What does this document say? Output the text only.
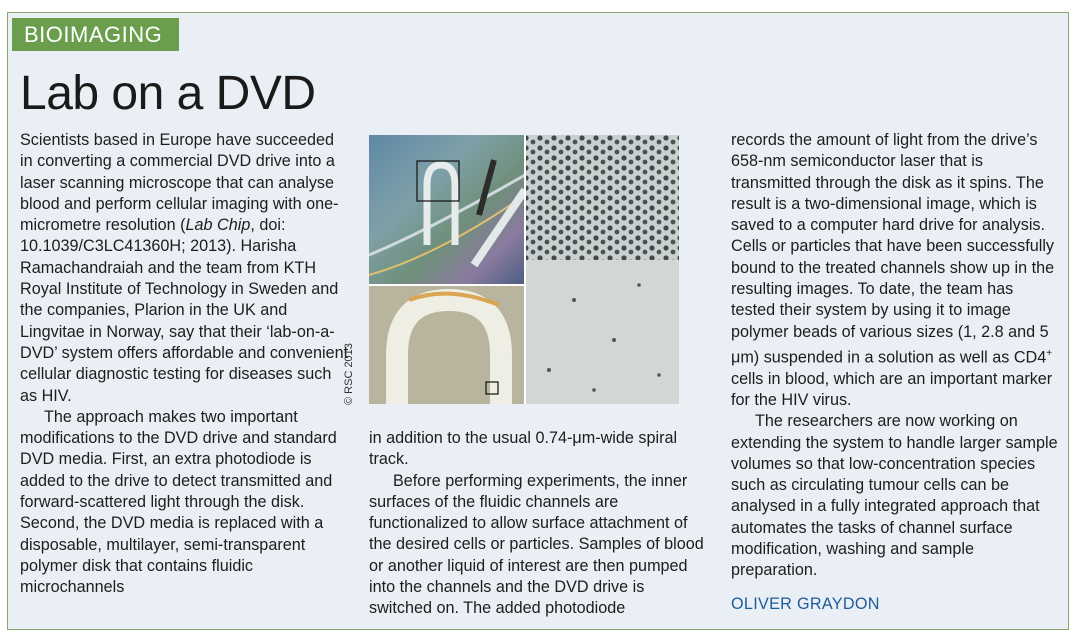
BIOIMAGING
Lab on a DVD

Scientists based in Europe have succeeded in converting a commercial DVD drive into a laser scanning microscope that can analyse blood and perform cellular imaging with one-micrometre resolution (Lab Chip, doi: 10.1039/C3LC41360H; 2013). Harisha Ramachandraiah and the team from KTH Royal Institute of Technology in Sweden and the companies, Plarion in the UK and Lingvitae in Norway, say that their ‘lab-on-a-DVD’ system offers affordable and convenient cellular diagnostic testing for diseases such as HIV.

The approach makes two important modifications to the DVD drive and standard DVD media. First, an extra photodiode is added to the drive to detect transmitted and forward-scattered light through the disk. Second, the DVD media is replaced with a disposable, multilayer, semi-transparent polymer disk that contains fluidic microchannels

© RSC 2013

in addition to the usual 0.74-μm-wide spiral track.

Before performing experiments, the inner surfaces of the fluidic channels are functionalized to allow surface attachment of the desired cells or particles. Samples of blood or another liquid of interest are then pumped into the channels and the DVD drive is switched on. The added photodiode

records the amount of light from the drive’s 658-nm semiconductor laser that is transmitted through the disk as it spins. The result is a two-dimensional image, which is saved to a computer hard drive for analysis. Cells or particles that have been successfully bound to the treated channels show up in the resulting images. To date, the team has tested their system by using it to image polymer beads of various sizes (1, 2.8 and 5 μm) suspended in a solution as well as CD4+ cells in blood, which are an important marker for the HIV virus.

The researchers are now working on extending the system to handle larger sample volumes so that low-concentration species such as circulating tumour cells can be analysed in a fully integrated approach that automates the tasks of channel surface modification, washing and sample preparation.

OLIVER GRAYDON
